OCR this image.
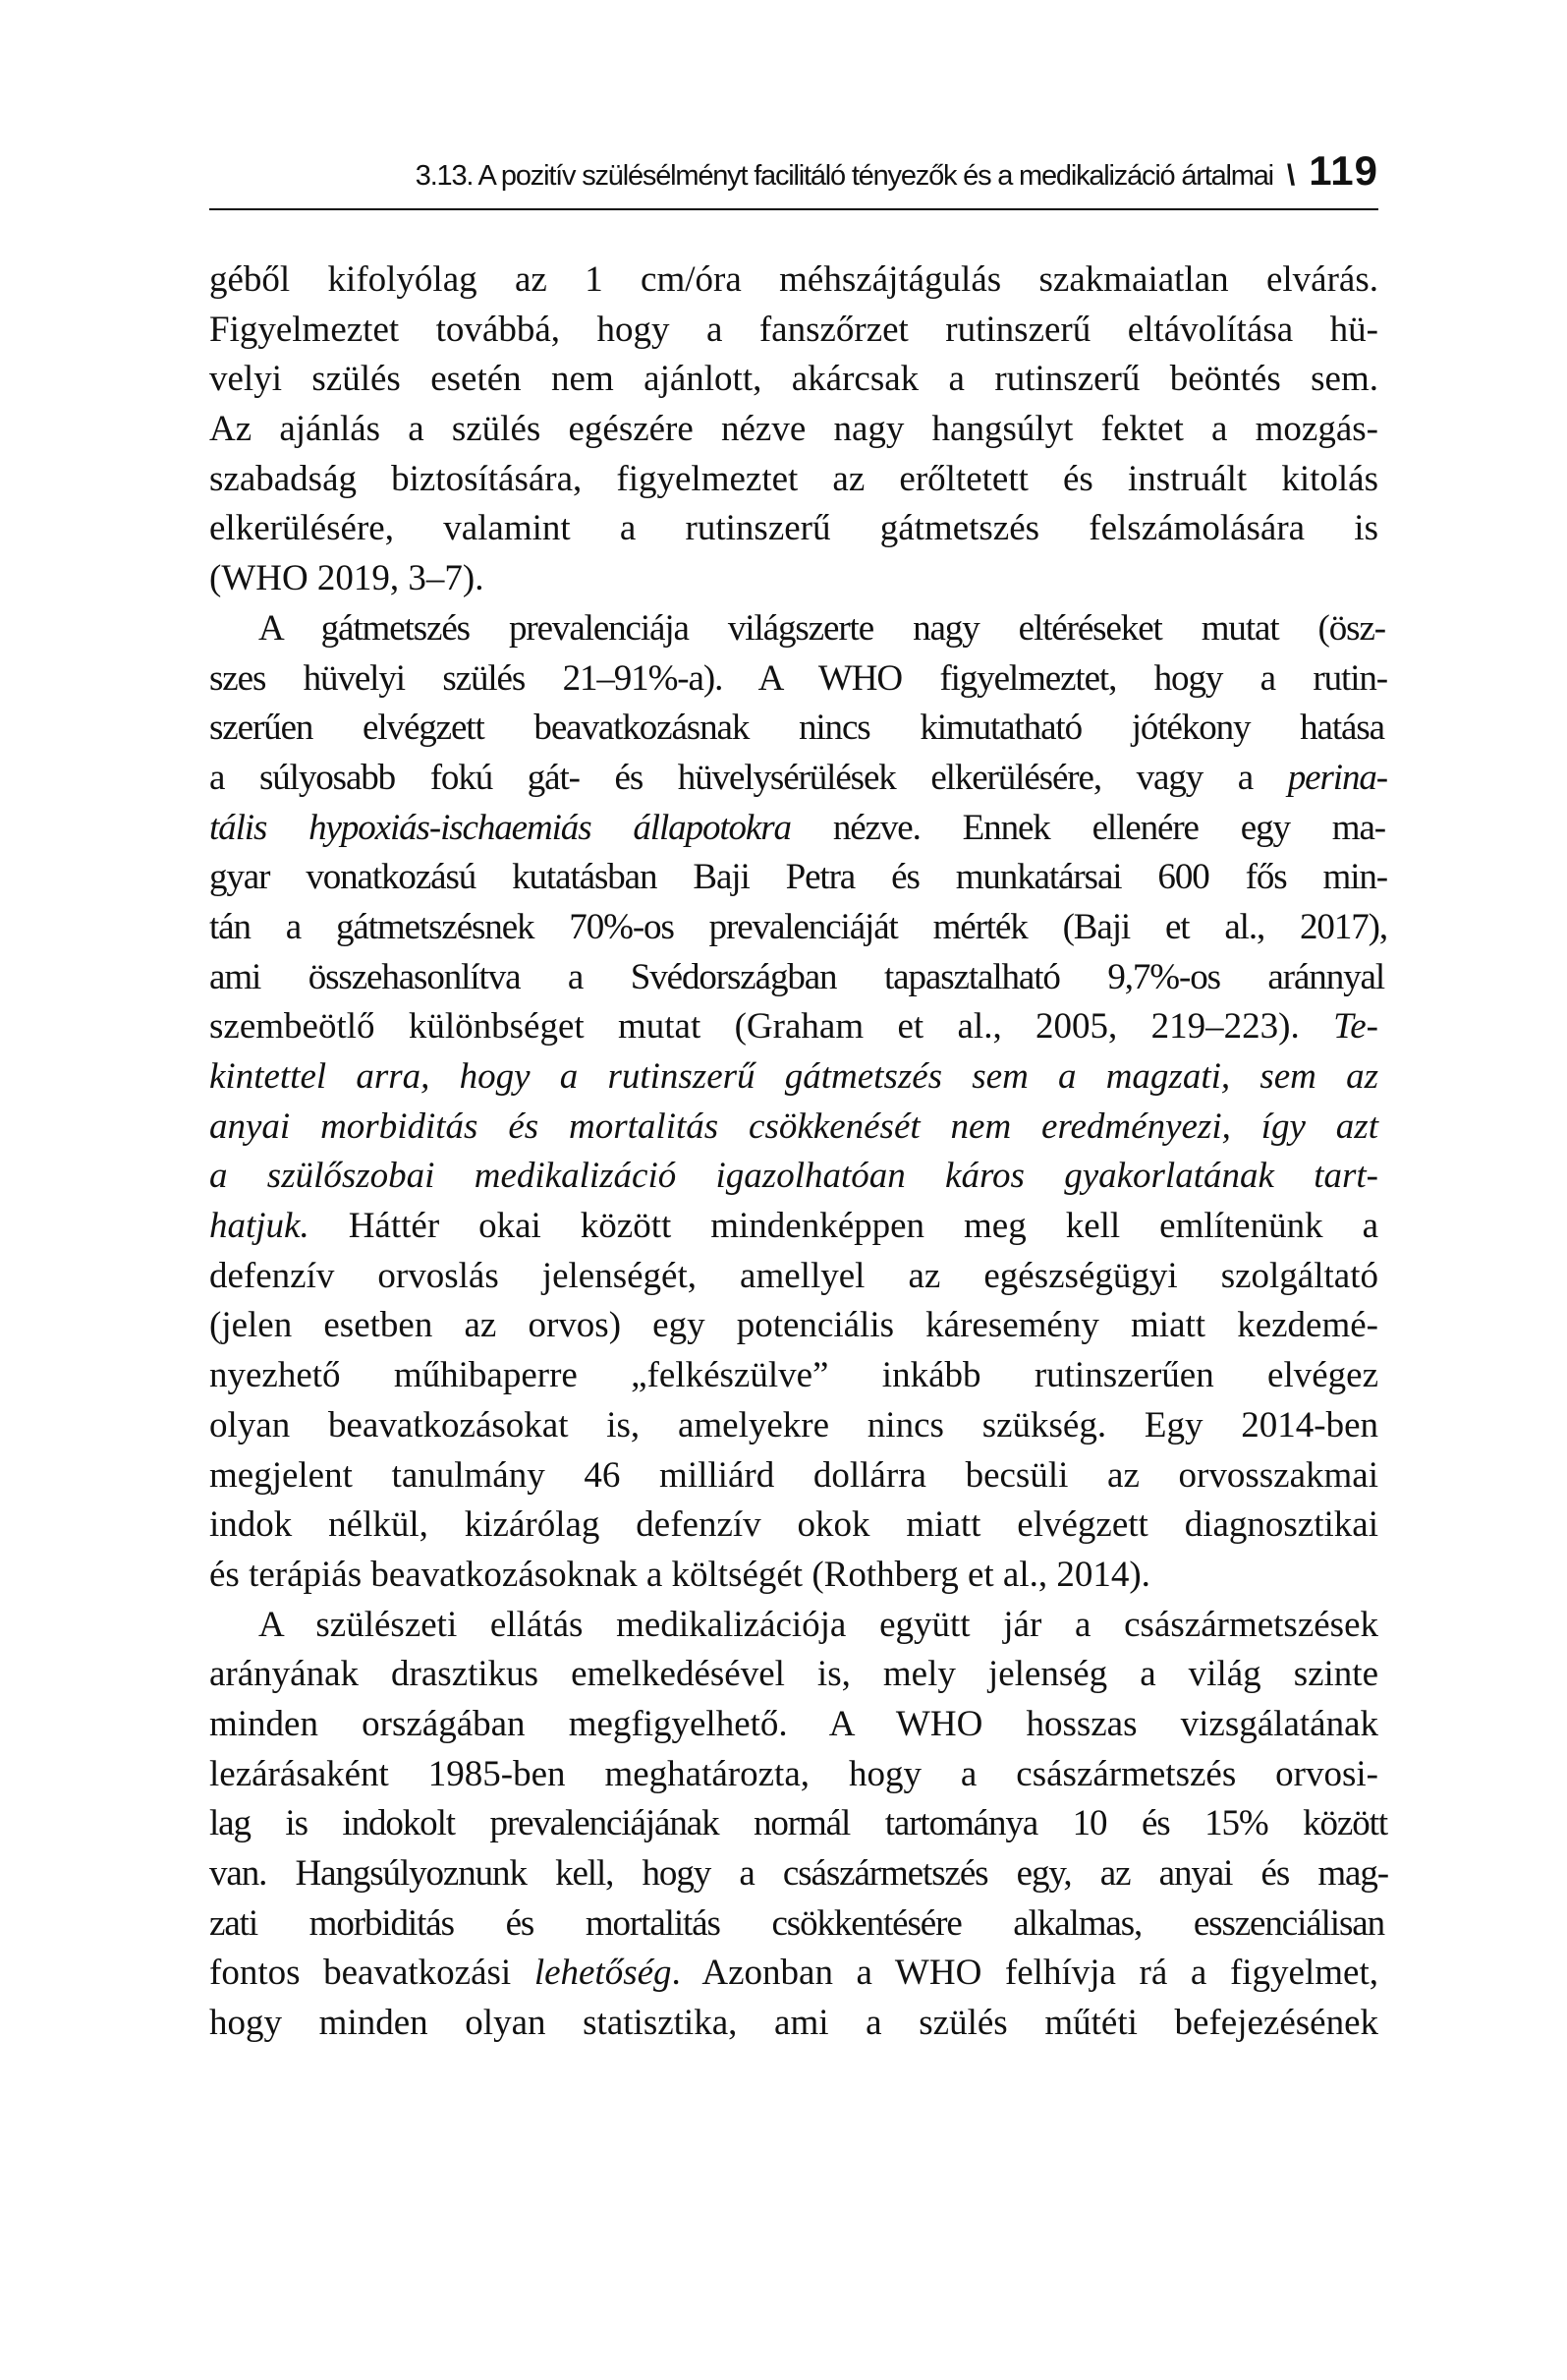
3.13. A pozitív szülésélményt facilitáló tényezők és a medikalizáció ártalmai \ 119
géből kifolyólag az 1 cm/óra méhszájtágulás szakmaiatlan elvárás.
Figyelmeztet továbbá, hogy a fanszőrzet rutinszerű eltávolítása hü-
velyi szülés esetén nem ajánlott, akárcsak a rutinszerű beöntés sem.
Az ajánlás a szülés egészére nézve nagy hangsúlyt fektet a mozgás-
szabadság biztosítására, figyelmeztet az erőltetett és instruált kitolás
elkerülésére, valamint a rutinszerű gátmetszés felszámolására is
(WHO 2019, 3–7).
A gátmetszés prevalenciája világszerte nagy eltéréseket mutat (ösz-
szes hüvelyi szülés 21–91%-a). A WHO figyelmeztet, hogy a rutin-
szerűen elvégzett beavatkozásnak nincs kimutatható jótékony hatása
a súlyosabb fokú gát- és hüvelysérülések elkerülésére, vagy a perina-
tális hypoxiás-ischaemiás állapotokra nézve. Ennek ellenére egy ma-
gyar vonatkozású kutatásban Baji Petra és munkatársai 600 fős min-
tán a gátmetszésnek 70%-os prevalenciáját mérték (Baji et al., 2017),
ami összehasonlítva a Svédországban tapasztalható 9,7%-os aránnyal
szembeötlő különbséget mutat (Graham et al., 2005, 219‒223). Te-
kintettel arra, hogy a rutinszerű gátmetszés sem a magzati, sem az
anyai morbiditás és mortalitás csökkenését nem eredményezi, így azt
a szülőszobai medikalizáció igazolhatóan káros gyakorlatának tart-
hatjuk. Háttér okai között mindenképpen meg kell említenünk a
defenzív orvoslás jelenségét, amellyel az egészségügyi szolgáltató
(jelen esetben az orvos) egy potenciális káresemény miatt kezdemé-
nyezhető műhibaperre „felkészülve” inkább rutinszerűen elvégez
olyan beavatkozásokat is, amelyekre nincs szükség. Egy 2014-ben
megjelent tanulmány 46 milliárd dollárra becsüli az orvosszakmai
indok nélkül, kizárólag defenzív okok miatt elvégzett diagnosztikai
és terápiás beavatkozásoknak a költségét (Rothberg et al., 2014).
A szülészeti ellátás medikalizációja együtt jár a császármetszések
arányának drasztikus emelkedésével is, mely jelenség a világ szinte
minden országában megfigyelhető. A WHO hosszas vizsgálatának
lezárásaként 1985-ben meghatározta, hogy a császármetszés orvosi-
lag is indokolt prevalenciájának normál tartománya 10 és 15% között
van. Hangsúlyoznunk kell, hogy a császármetszés egy, az anyai és mag-
zati morbiditás és mortalitás csökkentésére alkalmas, esszenciálisan
fontos beavatkozási lehetőség. Azonban a WHO felhívja rá a figyelmet,
hogy minden olyan statisztika, ami a szülés műtéti befejezésének
